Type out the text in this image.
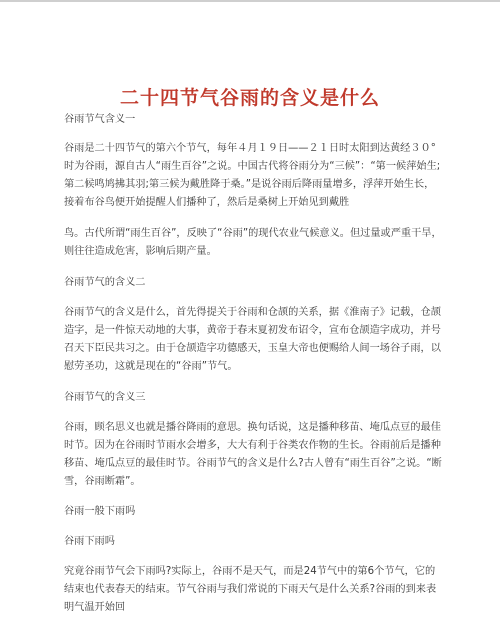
二十四节气谷雨的含义是什么

谷雨节气含义一

谷雨是二十四节气的第六个节气，每年４月１９日——２１日时太阳到达黄经３０°时为谷雨，源自古人“雨生百谷”之说。中国古代将谷雨分为“三候”：“第一候萍始生;第二候鸣鸠拂其羽;第三候为戴胜降于桑。”是说谷雨后降雨量增多，浮萍开始生长，接着布谷鸟便开始提醒人们播种了，然后是桑树上开始见到戴胜

鸟。古代所谓“雨生百谷”，反映了“谷雨”的现代农业气候意义。但过量或严重干旱，则往往造成危害，影响后期产量。

谷雨节气的含义二

谷雨节气的含义是什么，首先得提关于谷雨和仓颉的关系，据《淮南子》记载，仓颉造字，是一件惊天动地的大事，黄帝于春末夏初发布诏令，宣布仓颉造字成功，并号召天下臣民共习之。由于仓颉造字功德感天，玉皇大帝也便赐给人间一场谷子雨，以慰劳圣功，这就是现在的“谷雨”节气。

谷雨节气的含义三

谷雨，顾名思义也就是播谷降雨的意思。换句话说，这是播种移苗、埯瓜点豆的最佳时节。因为在谷雨时节雨水会增多，大大有利于谷类农作物的生长。谷雨前后是播种移苗、埯瓜点豆的最佳时节。谷雨节气的含义是什么?古人曾有“雨生百谷”之说。“断雪，谷雨断霜”。

谷雨一般下雨吗

谷雨下雨吗

究竟谷雨节气会下雨吗?实际上，谷雨不是天气，而是24节气中的第6个节气，它的结束也代表春天的结束。节气谷雨与我们常说的下雨天气是什么关系?谷雨的到来表明气温开始回
